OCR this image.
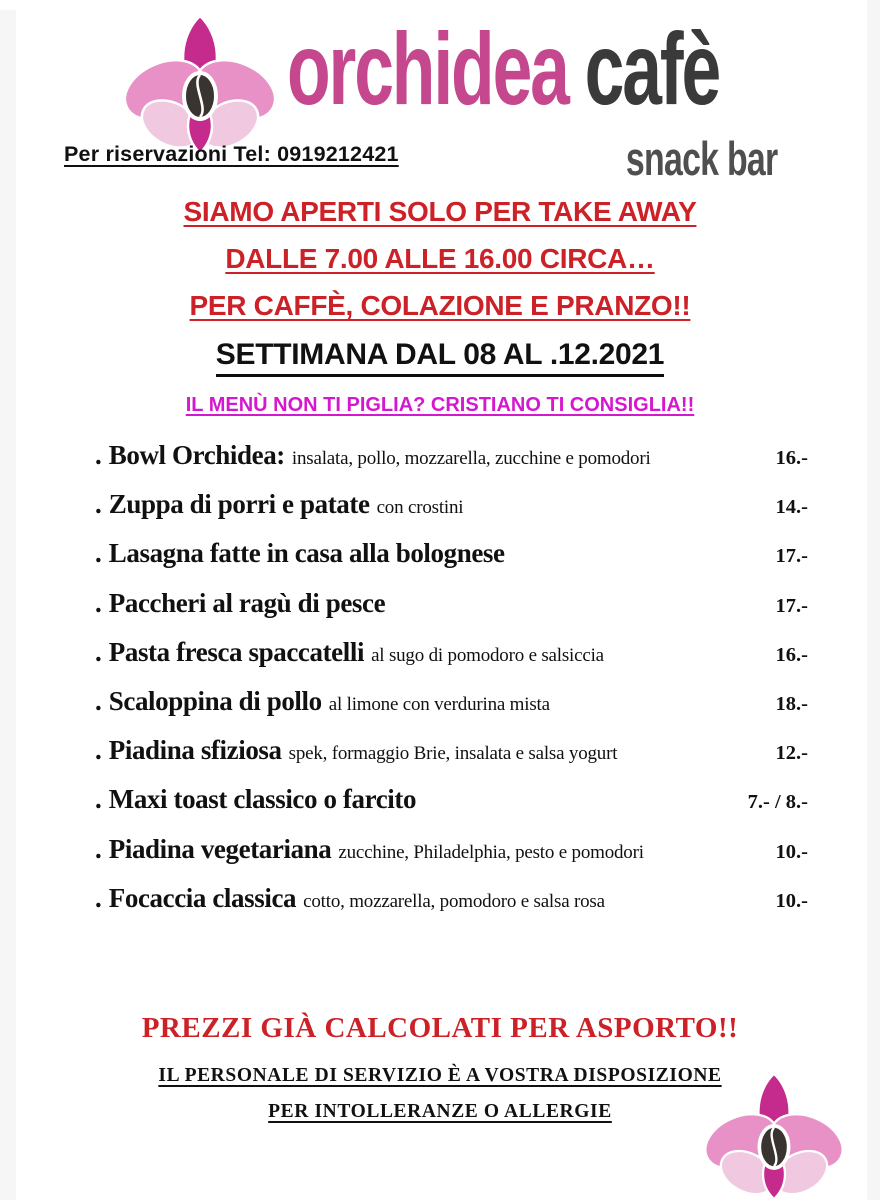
orchidea cafè
snack bar
Per riservazioni Tel: 0919212421
SIAMO APERTI SOLO PER TAKE AWAY
DALLE 7.00 ALLE 16.00 CIRCA…
PER CAFFÈ, COLAZIONE E PRANZO!!
SETTIMANA DAL 08 AL .12.2021
IL MENÙ NON TI PIGLIA? CRISTIANO TI CONSIGLIA!!
. Bowl Orchidea: insalata, pollo, mozzarella, zucchine e pomodori	16.-
. Zuppa di porri e patate con crostini	14.-
. Lasagna fatte in casa alla bolognese	17.-
. Paccheri al ragù di pesce	17.-
. Pasta fresca spaccatelli al sugo di pomodoro e salsiccia	16.-
. Scaloppina di pollo al limone con verdurina mista	18.-
. Piadina sfiziosa spek, formaggio Brie, insalata e salsa yogurt	12.-
. Maxi toast classico o farcito	7.- / 8.-
. Piadina vegetariana zucchine, Philadelphia, pesto e pomodori	10.-
. Focaccia classica cotto, mozzarella, pomodoro e salsa rosa	10.-
PREZZI GIÀ CALCOLATI PER ASPORTO!!
IL PERSONALE DI SERVIZIO È A VOSTRA DISPOSIZIONE
PER INTOLLERANZE O ALLERGIE
